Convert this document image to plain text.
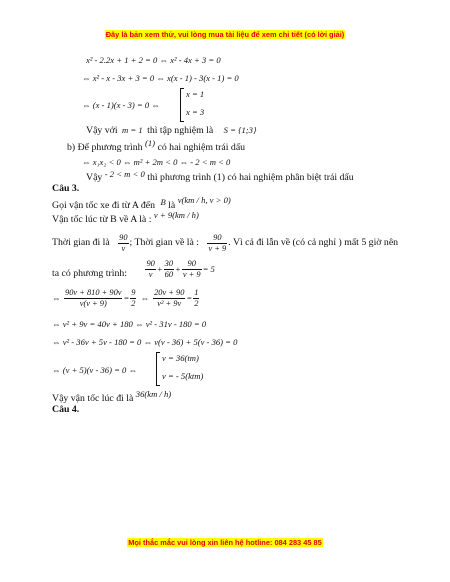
Đây là bản xem thử, vui lòng mua tài liệu để xem chi tiết (có lời giải)
x² - 2.2x + 1 + 2 = 0 ⇔ x² - 4x + 3 = 0
⇔ x² - x - 3x + 3 = 0 ⇔ x(x - 1) - 3(x - 1) = 0
⇔ (x - 1)(x - 3) = 0 ⇔
x = 1
x = 3
Vậy với m = 1 thì tập nghiệm là S = {1;3}
b) Để phương trình (1) có hai nghiệm trái dấu
⇔ x₁x₂ < 0 ⇔ m² + 2m < 0 ⇔ - 2 < m < 0
Vậy - 2 < m < 0 thì phương trình (1) có hai nghiệm phân biệt trái dấu
Câu 3.
Gọi vận tốc xe đi từ A đến B là v(km / h, v > 0)
Vận tốc lúc từ B về A là : v + 9(km / h)
Thời gian đi là $\frac{90}{v}$ ; Thời gian về là : $\frac{90}{v + 9}$ . Vì cả đi lẫn về (có cả nghỉ ) mất 5 giờ nên
ta có phương trình: $\frac{90}{v} + \frac{30}{60} + \frac{90}{v + 9} = 5$
⇔ $\frac{90v + 810 + 90v}{v(v + 9)} = \frac{9}{2}$ ⇔ $\frac{20v + 90}{\text{v² + 9v}} = \frac{1}{2}$
⇔ v² + 9v = 40v + 180 ⇔ v² - 31v - 180 = 0
⇔ v² - 36v + 5v - 180 = 0 ⇔ v(v - 36) + 5(v - 36) = 0
⇔ (v + 5)(v - 36) = 0 ⇔
v = 36(tm)
v = - 5(ktm)
Vậy vận tốc lúc đi là 36(km / h)
Câu 4.
Mọi thắc mắc vui lòng xin liên hệ hotline: 084 283 45 85
